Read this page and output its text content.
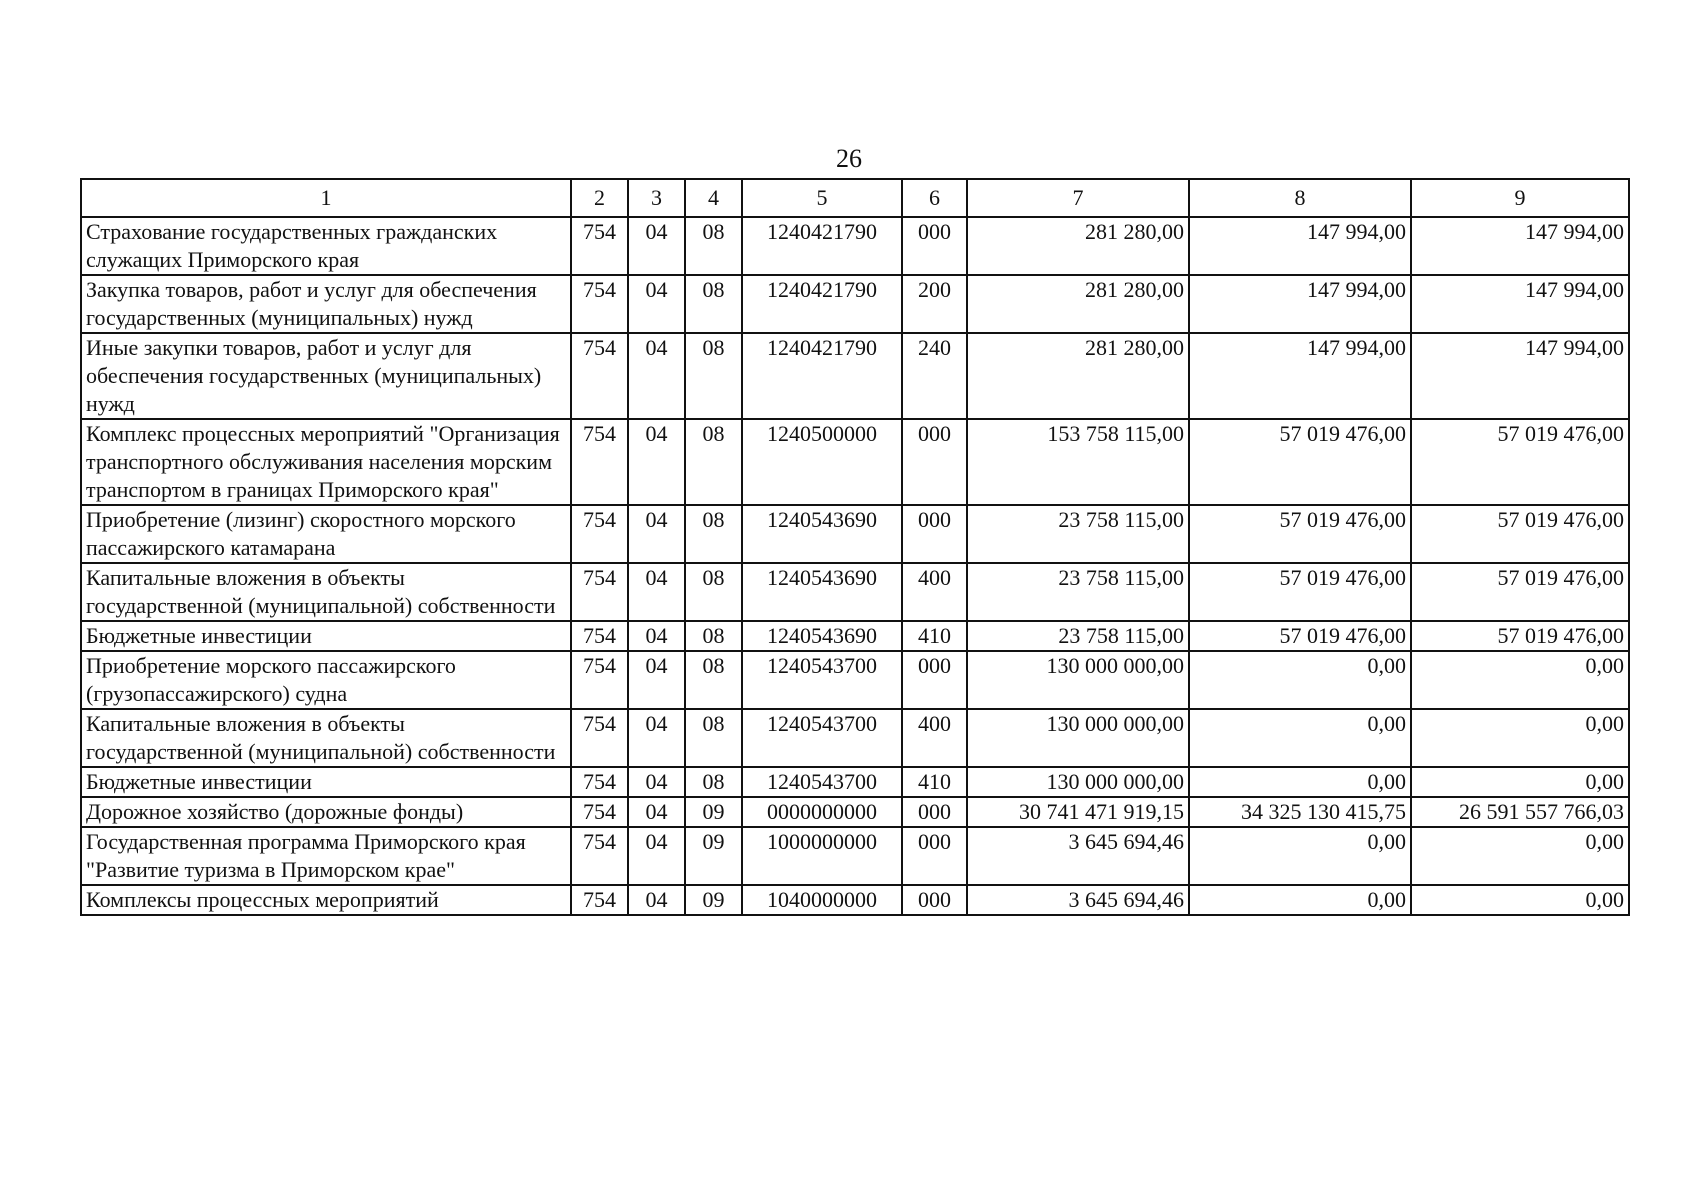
26
1	2	3	4	5	6	7	8	9
Страхование государственных гражданских служащих Приморского края	754	04	08	1240421790	000	281 280,00	147 994,00	147 994,00
Закупка товаров, работ и услуг для обеспечения государственных (муниципальных) нужд	754	04	08	1240421790	200	281 280,00	147 994,00	147 994,00
Иные закупки товаров, работ и услуг для обеспечения государственных (муниципальных) нужд	754	04	08	1240421790	240	281 280,00	147 994,00	147 994,00
Комплекс процессных мероприятий "Организация транспортного обслуживания населения морским транспортом в границах Приморского края"	754	04	08	1240500000	000	153 758 115,00	57 019 476,00	57 019 476,00
Приобретение (лизинг) скоростного морского пассажирского катамарана	754	04	08	1240543690	000	23 758 115,00	57 019 476,00	57 019 476,00
Капитальные вложения в объекты государственной (муниципальной) собственности	754	04	08	1240543690	400	23 758 115,00	57 019 476,00	57 019 476,00
Бюджетные инвестиции	754	04	08	1240543690	410	23 758 115,00	57 019 476,00	57 019 476,00
Приобретение морского пассажирского (грузопассажирского) судна	754	04	08	1240543700	000	130 000 000,00	0,00	0,00
Капитальные вложения в объекты государственной (муниципальной) собственности	754	04	08	1240543700	400	130 000 000,00	0,00	0,00
Бюджетные инвестиции	754	04	08	1240543700	410	130 000 000,00	0,00	0,00
Дорожное хозяйство (дорожные фонды)	754	04	09	0000000000	000	30 741 471 919,15	34 325 130 415,75	26 591 557 766,03
Государственная программа Приморского края "Развитие туризма в Приморском крае"	754	04	09	1000000000	000	3 645 694,46	0,00	0,00
Комплексы процессных мероприятий	754	04	09	1040000000	000	3 645 694,46	0,00	0,00
